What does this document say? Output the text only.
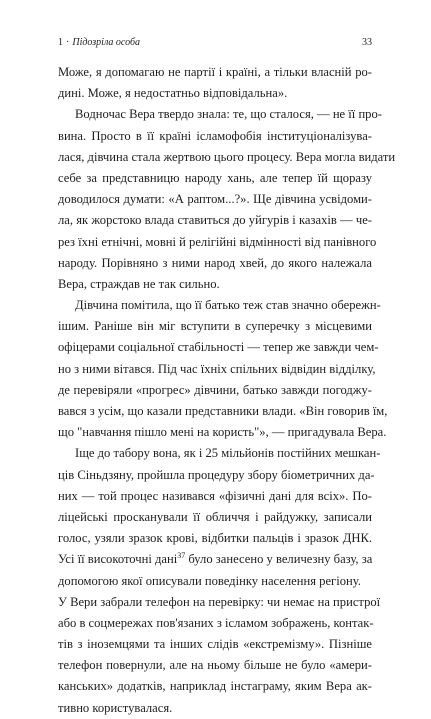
1 · Підозріла особа	33
Може, я допомагаю не партії і країні, а тільки власній ро-
дині. Може, я недостатньо відповідальна».
Водночас Вера твердо знала: те, що сталося, — не її про-
вина. Просто в її країні ісламофобія інституціоналізува-
лася, дівчина стала жертвою цього процесу. Вера могла видати
себе за представницю народу хань, але тепер їй щоразу
доводилося думати: «А раптом...?». Ще дівчина усвідоми-
ла, як жорстоко влада ставиться до уйгурів і казахів — че-
рез їхні етнічні, мовні й релігійні відмінності від панівного
народу. Порівняно з ними народ хвей, до якого належала
Вера, страждав не так сильно.
Дівчина помітила, що її батько теж став значно обережн-
ішим. Раніше він міг вступити в суперечку з місцевими
офіцерами соціальної стабільності — тепер же завжди чем-
но з ними вітався. Під час їхніх спільних відвідин відділку,
де перевіряли «прогрес» дівчини, батько завжди погоджу-
вався з усім, що казали представники влади. «Він говорив їм,
що "навчання пішло мені на користь"», — пригадувала Вера.
Іще до табору вона, як і 25 мільйонів постійних мешкан-
ців Сіньдзяну, пройшла процедуру збору біометричних да-
них — той процес називався «фізичні дані для всіх». По-
ліцейські просканували її обличчя і райдужку, записали
голос, узяли зразок крові, відбитки пальців і зразок ДНК.
Усі її високоточні дані$^{37}$ було занесено у величезну базу, за
допомогою якої описували поведінку населення регіону.
У Вери забрали телефон на перевірку: чи немає на пристрої
або в соцмережах пов'язаних з ісламом зображень, контак-
тів з іноземцями та інших слідів «екстремізму». Пізніше
телефон повернули, але на ньому більше не було «амери-
канських» додатків, наприклад інстаграму, яким Вера ак-
тивно користувалася.
